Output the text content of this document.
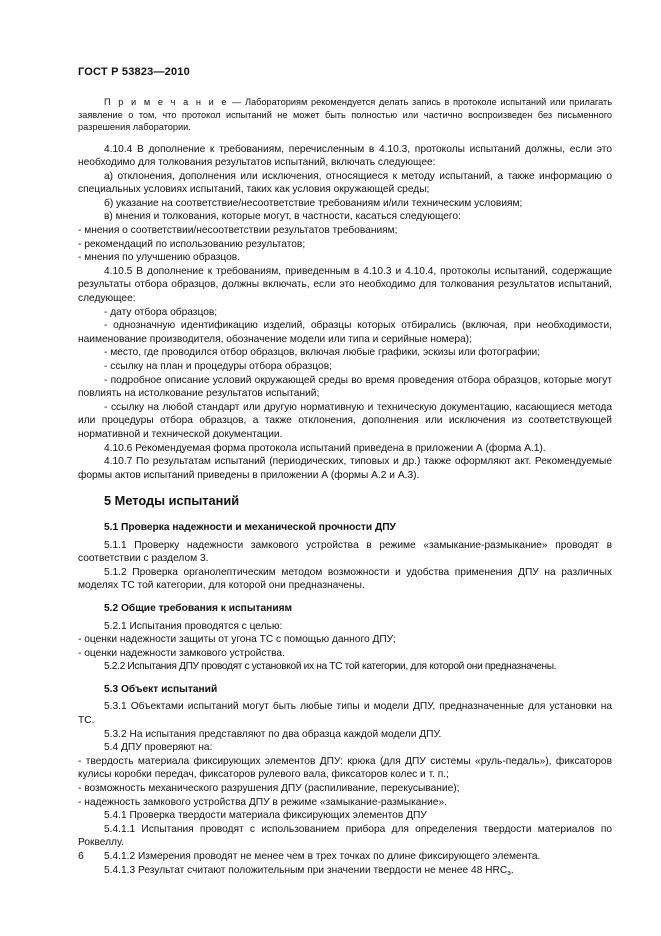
ГОСТ Р 53823—2010

П р и м е ч а н и е — Лабораториям рекомендуется делать запись в протоколе испытаний или прилагать заявление о том, что протокол испытаний не может быть полностью или частично воспроизведен без письменного разрешения лаборатории.

4.10.4 В дополнение к требованиям, перечисленным в 4.10.3, протоколы испытаний должны, если это необходимо для толкования результатов испытаний, включать следующее:

а) отклонения, дополнения или исключения, относящиеся к методу испытаний, а также информацию о специальных условиях испытаний, таких как условия окружающей среды;

б) указание на соответствие/несоответствие требованиям и/или техническим условиям;

в) мнения и толкования, которые могут, в частности, касаться следующего:

- мнения о соответствии/несоответствии результатов требованиям;

- рекомендаций по использованию результатов;

- мнения по улучшению образцов.

4.10.5 В дополнение к требованиям, приведенным в 4.10.3 и 4.10.4, протоколы испытаний, содержащие результаты отбора образцов, должны включать, если это необходимо для толкования результатов испытаний, следующее:

- дату отбора образцов;

- однозначную идентификацию изделий, образцы которых отбирались (включая, при необходимости, наименование производителя, обозначение модели или типа и серийные номера);

- место, где проводился отбор образцов, включая любые графики, эскизы или фотографии;

- ссылку на план и процедуры отбора образцов;

- подробное описание условий окружающей среды во время проведения отбора образцов, которые могут повлиять на истолкование результатов испытаний;

- ссылку на любой стандарт или другую нормативную и техническую документацию, касающиеся метода или процедуры отбора образцов, а также отклонения, дополнения или исключения из соответствующей нормативной и технической документации.

4.10.6 Рекомендуемая форма протокола испытаний приведена в приложении А (форма А.1).

4.10.7 По результатам испытаний (периодических, типовых и др.) также оформляют акт. Рекомендуемые формы актов испытаний приведены в приложении А (формы А.2 и А.3).

5 Методы испытаний
5.1 Проверка надежности и механической прочности ДПУ

5.1.1 Проверку надежности замкового устройства в режиме «замыкание-размыкание» проводят в соответствии с разделом 3.

5.1.2 Проверка органолептическим методом возможности и удобства применения ДПУ на различных моделях ТС той категории, для которой они предназначены.

5.2 Общие требования к испытаниям

5.2.1 Испытания проводятся с целью:

- оценки надежности защиты от угона ТС с помощью данного ДПУ;

- оценки надежности замкового устройства.

5.2.2 Испытания ДПУ проводят с установкой их на ТС той категории, для которой они предназначены.

5.3 Объект испытаний

5.3.1 Объектами испытаний могут быть любые типы и модели ДПУ, предназначенные для установки на ТС.

5.3.2 На испытания представляют по два образца каждой модели ДПУ.

5.4 ДПУ проверяют на:

- твердость материала фиксирующих элементов ДПУ: крюка (для ДПУ системы «руль-педаль»), фиксаторов кулисы коробки передач, фиксаторов рулевого вала, фиксаторов колес и т. п.;

- возможность механического разрушения ДПУ (распиливание, перекусывание);

- надежность замкового устройства ДПУ в режиме «замыкание-размыкание».

5.4.1 Проверка твердости материала фиксирующих элементов ДПУ

5.4.1.1 Испытания проводят с использованием прибора для определения твердости материалов по Роквеллу.

5.4.1.2 Измерения проводят не менее чем в трех точках по длине фиксирующего элемента.

5.4.1.3 Результат считают положительным при значении твердости не менее 48 $HRC_э$.

6
